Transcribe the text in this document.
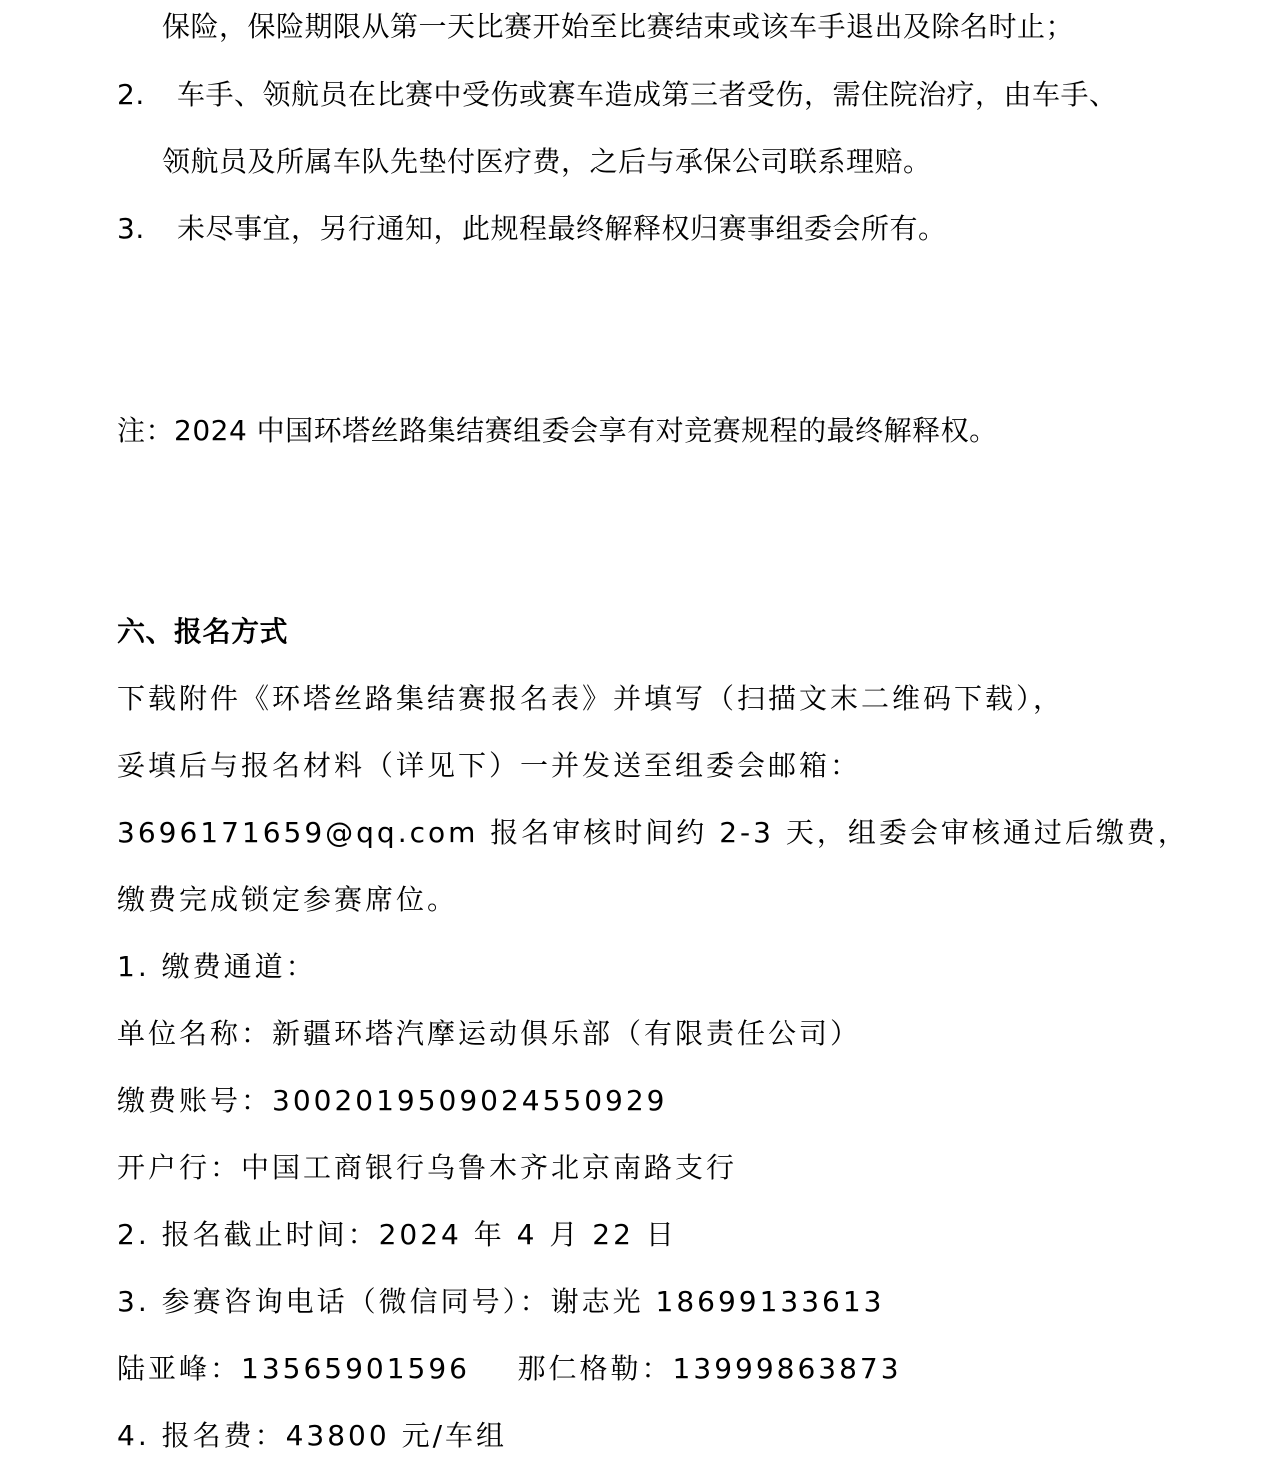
保险，保险期限从第一天比赛开始至比赛结束或该车手退出及除名时止；
2. 车手、领航员在比赛中受伤或赛车造成第三者受伤，需住院治疗，由车手、
领航员及所属车队先垫付医疗费，之后与承保公司联系理赔。
3. 未尽事宜，另行通知，此规程最终解释权归赛事组委会所有。
注：2024 中国环塔丝路集结赛组委会享有对竞赛规程的最终解释权。
六、报名方式
下载附件《环塔丝路集结赛报名表》并填写（扫描文末二维码下载），
妥填后与报名材料（详见下）一并发送至组委会邮箱：
3696171659@qq.com 报名审核时间约 2-3 天，组委会审核通过后缴费，
缴费完成锁定参赛席位。
1. 缴费通道：
单位名称：新疆环塔汽摩运动俱乐部（有限责任公司）
缴费账号：3002019509024550929
开户行：中国工商银行乌鲁木齐北京南路支行
2. 报名截止时间：2024 年 4 月 22 日
3. 参赛咨询电话（微信同号）：谢志光 18699133613
陆亚峰：13565901596    那仁格勒：13999863873
4. 报名费：43800 元/车组
